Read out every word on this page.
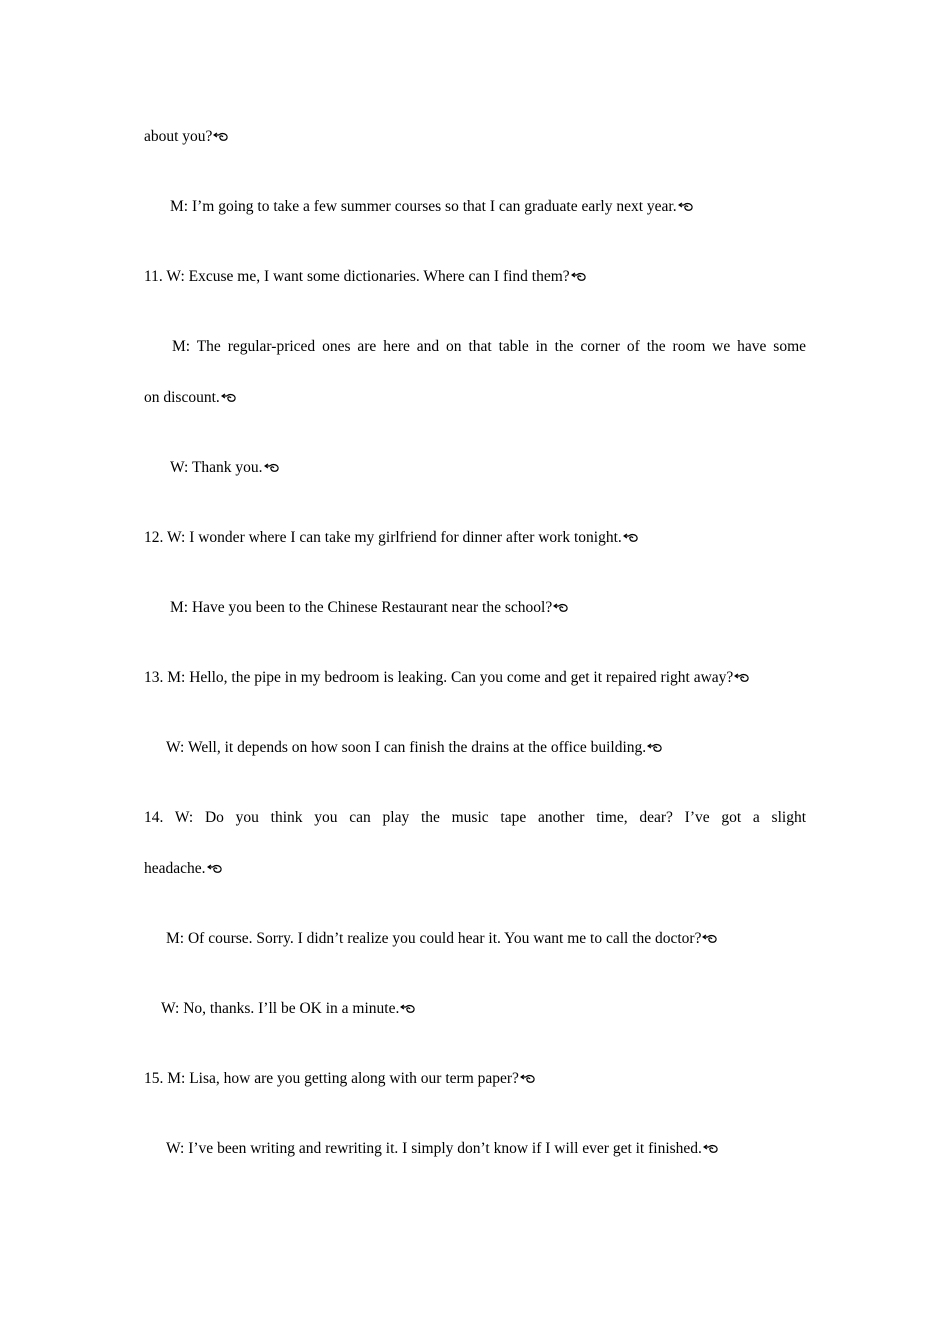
about you?
M: I’m going to take a few summer courses so that I can graduate early next year.
11. W: Excuse me, I want some dictionaries. Where can I find them?
M: The regular-priced ones are here and on that table in the corner of the room we have some
on discount.
W: Thank you.
12. W: I wonder where I can take my girlfriend for dinner after work tonight.
M: Have you been to the Chinese Restaurant near the school?
13. M: Hello, the pipe in my bedroom is leaking. Can you come and get it repaired right away?
W: Well, it depends on how soon I can finish the drains at the office building.
14. W: Do you think you can play the music tape another time, dear? I’ve got a slight
headache.
M: Of course. Sorry. I didn’t realize you could hear it. You want me to call the doctor?
W: No, thanks. I’ll be OK in a minute.
15. M: Lisa, how are you getting along with our term paper?
W: I’ve been writing and rewriting it. I simply don’t know if I will ever get it finished.
